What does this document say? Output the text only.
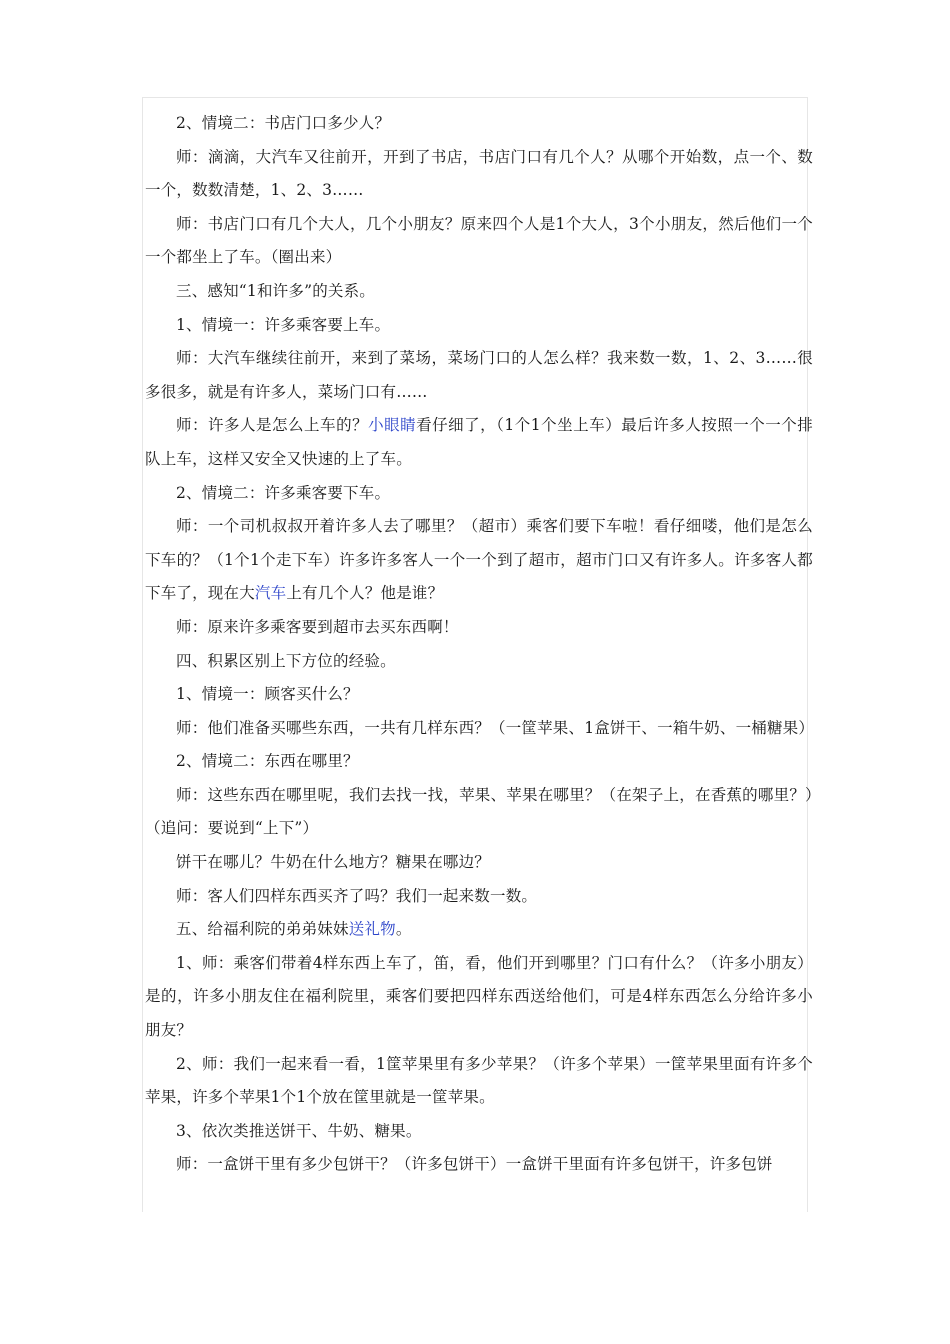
2、情境二：书店门口多少人？

师：滴滴，大汽车又往前开，开到了书店，书店门口有几个人？从哪个开始数，点一个、数一个，数数清楚，1、2、3……

师：书店门口有几个大人，几个小朋友？原来四个人是1个大人，3个小朋友，然后他们一个一个都坐上了车。（圈出来）

三、感知“1和许多”的关系。

1、情境一：许多乘客要上车。

师：大汽车继续往前开，来到了菜场，菜场门口的人怎么样？我来数一数，1、2、3……很多很多，就是有许多人，菜场门口有……

师：许多人是怎么上车的？小眼睛看仔细了，（1个1个坐上车）最后许多人按照一个一个排队上车，这样又安全又快速的上了车。

2、情境二：许多乘客要下车。

师：一个司机叔叔开着许多人去了哪里？（超市）乘客们要下车啦！看仔细喽，他们是怎么下车的？（1个1个走下车）许多许多客人一个一个到了超市，超市门口又有许多人。许多客人都下车了，现在大汽车上有几个人？他是谁？

师：原来许多乘客要到超市去买东西啊！

四、积累区别上下方位的经验。

1、情境一：顾客买什么？

师：他们准备买哪些东西，一共有几样东西？（一筐苹果、1盒饼干、一箱牛奶、一桶糖果）

2、情境二：东西在哪里？

师：这些东西在哪里呢，我们去找一找，苹果、苹果在哪里？（在架子上，在香蕉的哪里？）（追问：要说到“上下”）

饼干在哪儿？牛奶在什么地方？糖果在哪边？

师：客人们四样东西买齐了吗？我们一起来数一数。

五、给福利院的弟弟妹妹送礼物。

1、师：乘客们带着4样东西上车了，笛，看，他们开到哪里？门口有什么？（许多小朋友）是的，许多小朋友住在福利院里，乘客们要把四样东西送给他们，可是4样东西怎么分给许多小朋友？

2、师：我们一起来看一看，1筐苹果里有多少苹果？（许多个苹果）一筐苹果里面有许多个苹果，许多个苹果1个1个放在筐里就是一筐苹果。

3、依次类推送饼干、牛奶、糖果。

师：一盒饼干里有多少包饼干？（许多包饼干）一盒饼干里面有许多包饼干，许多包饼
